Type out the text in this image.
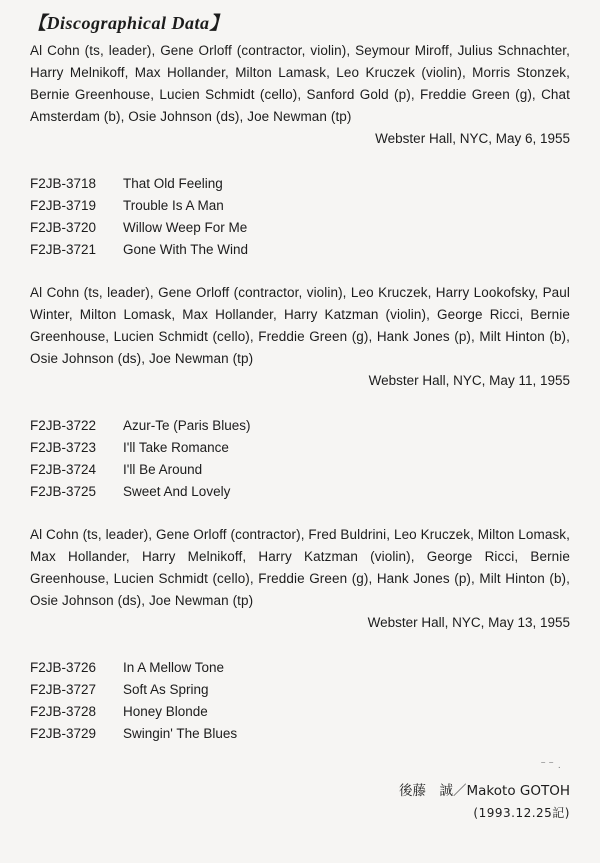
【Discographical Data】

Al Cohn (ts, leader), Gene Orloff (contractor, violin), Seymour Miroff, Julius Schnachter, Harry Melnikoff, Max Hollander, Milton Lamask, Leo Kruczek (violin), Morris Stonzek, Bernie Greenhouse, Lucien Schmidt (cello), Sanford Gold (p), Freddie Green (g), Chat Amsterdam (b), Osie Johnson (ds), Joe Newman (tp)

Webster Hall, NYC, May 6, 1955
F2JB-3718	That Old Feeling
F2JB-3719	Trouble Is A Man
F2JB-3720	Willow Weep For Me
F2JB-3721	Gone With The Wind

Al Cohn (ts, leader), Gene Orloff (contractor, violin), Leo Kruczek, Harry Lookofsky, Paul Winter, Milton Lomask, Max Hollander, Harry Katzman (violin), George Ricci, Bernie Greenhouse, Lucien Schmidt (cello), Freddie Green (g), Hank Jones (p), Milt Hinton (b), Osie Johnson (ds), Joe Newman (tp)

Webster Hall, NYC, May 11, 1955
F2JB-3722	Azur-Te (Paris Blues)
F2JB-3723	I'll Take Romance
F2JB-3724	I'll Be Around
F2JB-3725	Sweet And Lovely

Al Cohn (ts, leader), Gene Orloff (contractor), Fred Buldrini, Leo Kruczek, Milton Lomask, Max Hollander, Harry Melnikoff, Harry Katzman (violin), George Ricci, Bernie Greenhouse, Lucien Schmidt (cello), Freddie Green (g), Hank Jones (p), Milt Hinton (b), Osie Johnson (ds), Joe Newman (tp)

Webster Hall, NYC, May 13, 1955
F2JB-3726	In A Mellow Tone
F2JB-3727	Soft As Spring
F2JB-3728	Honey Blonde
F2JB-3729	Swingin' The Blues
‾ ‾ ·
後藤　誠／Makoto GOTOH
(1993.12.25記)
